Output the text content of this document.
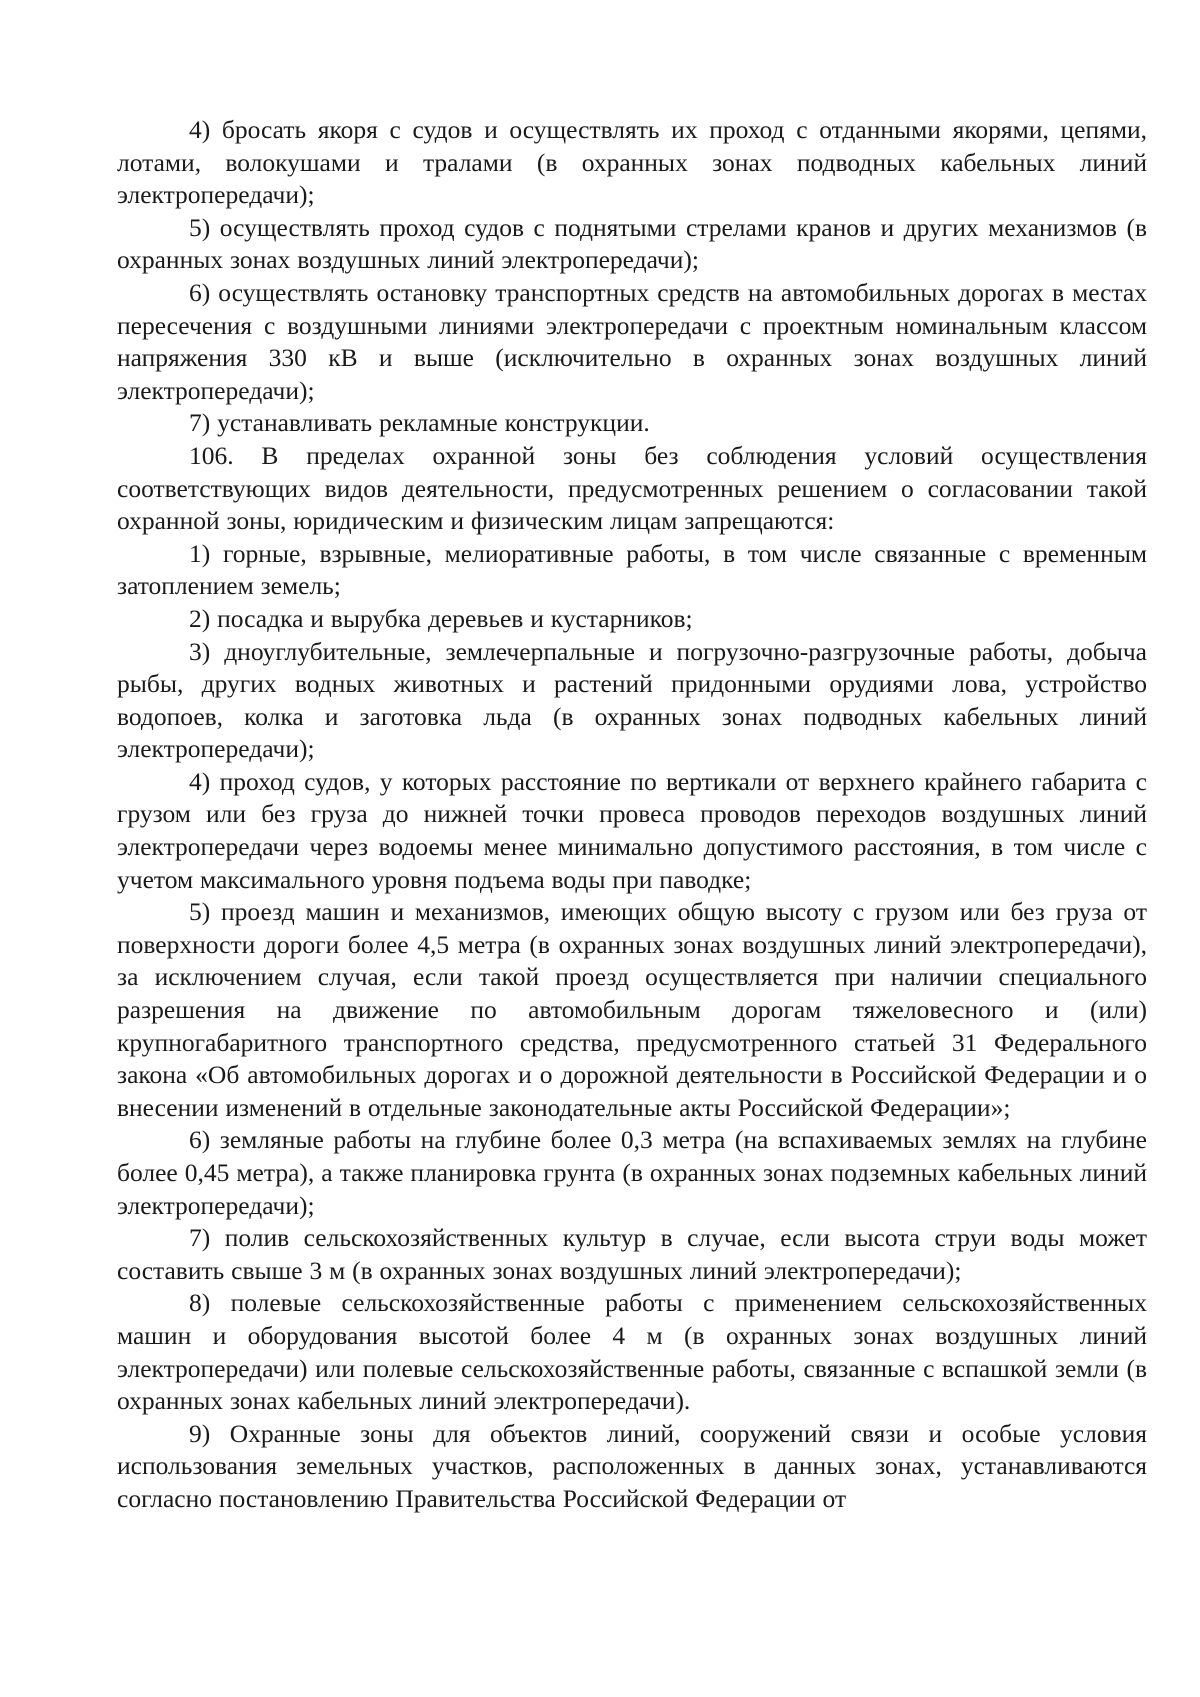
4) бросать якоря с судов и осуществлять их проход с отданными якорями, цепями, лотами, волокушами и тралами (в охранных зонах подводных кабельных линий электропередачи);

5) осуществлять проход судов с поднятыми стрелами кранов и других механизмов (в охранных зонах воздушных линий электропередачи);

6) осуществлять остановку транспортных средств на автомобильных дорогах в местах пересечения с воздушными линиями электропередачи с проектным номинальным классом напряжения 330 кВ и выше (исключительно в охранных зонах воздушных линий электропередачи);

7) устанавливать рекламные конструкции.

106. В пределах охранной зоны без соблюдения условий осуществления соответствующих видов деятельности, предусмотренных решением о согласовании такой охранной зоны, юридическим и физическим лицам запрещаются:

1) горные, взрывные, мелиоративные работы, в том числе связанные с временным затоплением земель;

2) посадка и вырубка деревьев и кустарников;

3) дноуглубительные, землечерпальные и погрузочно-разгрузочные работы, добыча рыбы, других водных животных и растений придонными орудиями лова, устройство водопоев, колка и заготовка льда (в охранных зонах подводных кабельных линий электропередачи);

4) проход судов, у которых расстояние по вертикали от верхнего крайнего габарита с грузом или без груза до нижней точки провеса проводов переходов воздушных линий электропередачи через водоемы менее минимально допустимого расстояния, в том числе с учетом максимального уровня подъема воды при паводке;

5) проезд машин и механизмов, имеющих общую высоту с грузом или без груза от поверхности дороги более 4,5 метра (в охранных зонах воздушных линий электропередачи), за исключением случая, если такой проезд осуществляется при наличии специального разрешения на движение по автомобильным дорогам тяжеловесного и (или) крупногабаритного транспортного средства, предусмотренного статьей 31 Федерального закона «Об автомобильных дорогах и о дорожной деятельности в Российской Федерации и о внесении изменений в отдельные законодательные акты Российской Федерации»;

6) земляные работы на глубине более 0,3 метра (на вспахиваемых землях на глубине более 0,45 метра), а также планировка грунта (в охранных зонах подземных кабельных линий электропередачи);

7) полив сельскохозяйственных культур в случае, если высота струи воды может составить свыше 3 м (в охранных зонах воздушных линий электропередачи);

8) полевые сельскохозяйственные работы с применением сельскохозяйственных машин и оборудования высотой более 4 м (в охранных зонах воздушных линий электропередачи) или полевые сельскохозяйственные работы, связанные с вспашкой земли (в охранных зонах кабельных линий электропередачи).

9) Охранные зоны для объектов линий, сооружений связи и особые условия использования земельных участков, расположенных в данных зонах, устанавливаются согласно постановлению Правительства Российской Федерации от
